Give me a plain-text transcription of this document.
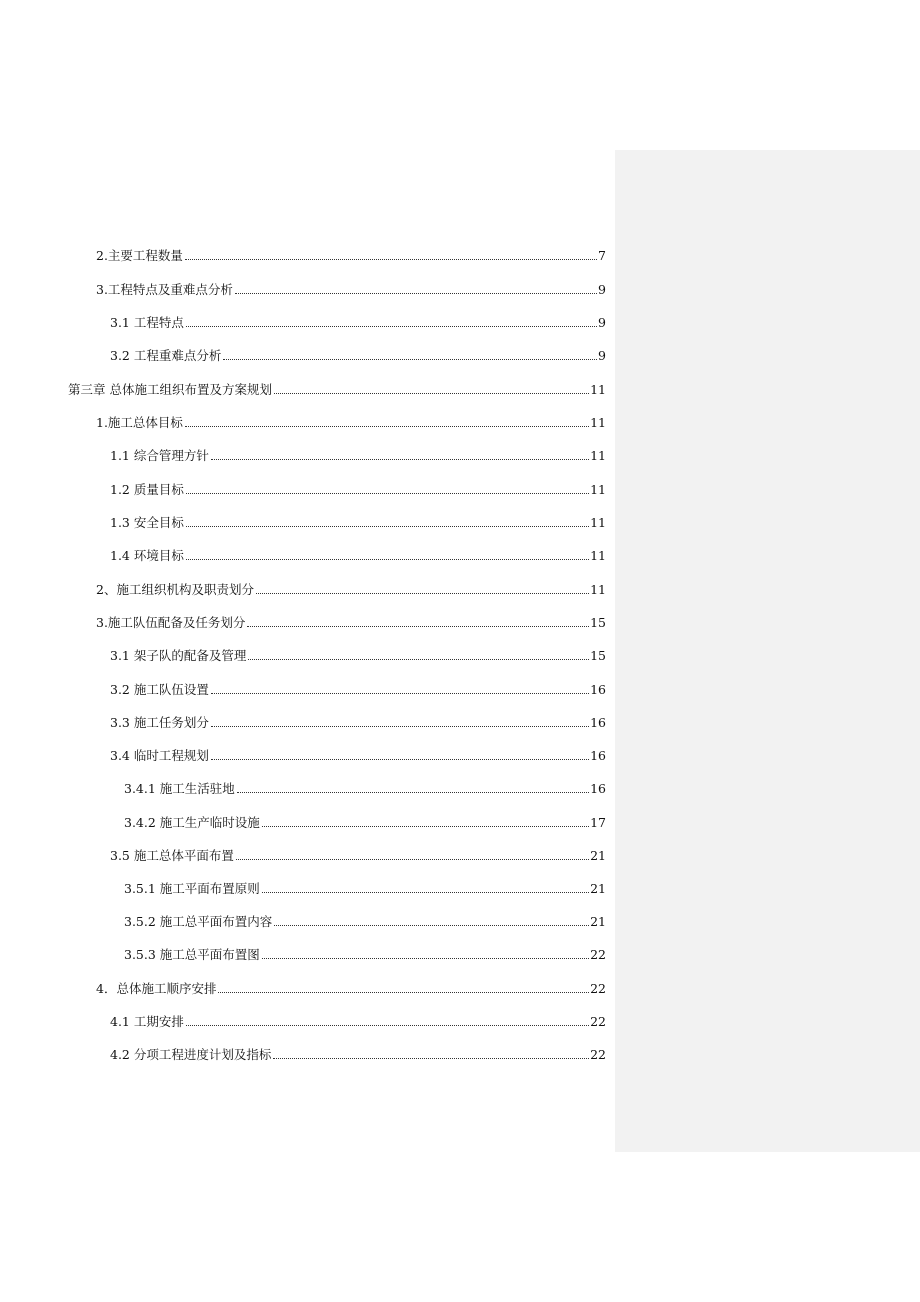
2.主要工程数量	7
3.工程特点及重难点分析	9
3.1 工程特点	9
3.2 工程重难点分析	9
第三章 总体施工组织布置及方案规划	11
1.施工总体目标	11
1.1 综合管理方针	11
1.2 质量目标	11
1.3 安全目标	11
1.4 环境目标	11
2、施工组织机构及职责划分	11
3.施工队伍配备及任务划分	15
3.1 架子队的配备及管理	15
3.2 施工队伍设置	16
3.3 施工任务划分	16
3.4 临时工程规划	16
3.4.1 施工生活驻地	16
3.4.2 施工生产临时设施	17
3.5 施工总体平面布置	21
3.5.1 施工平面布置原则	21
3.5.2 施工总平面布置内容	21
3.5.3 施工总平面布置图	22
4．总体施工顺序安排	22
4.1 工期安排	22
4.2 分项工程进度计划及指标	22
